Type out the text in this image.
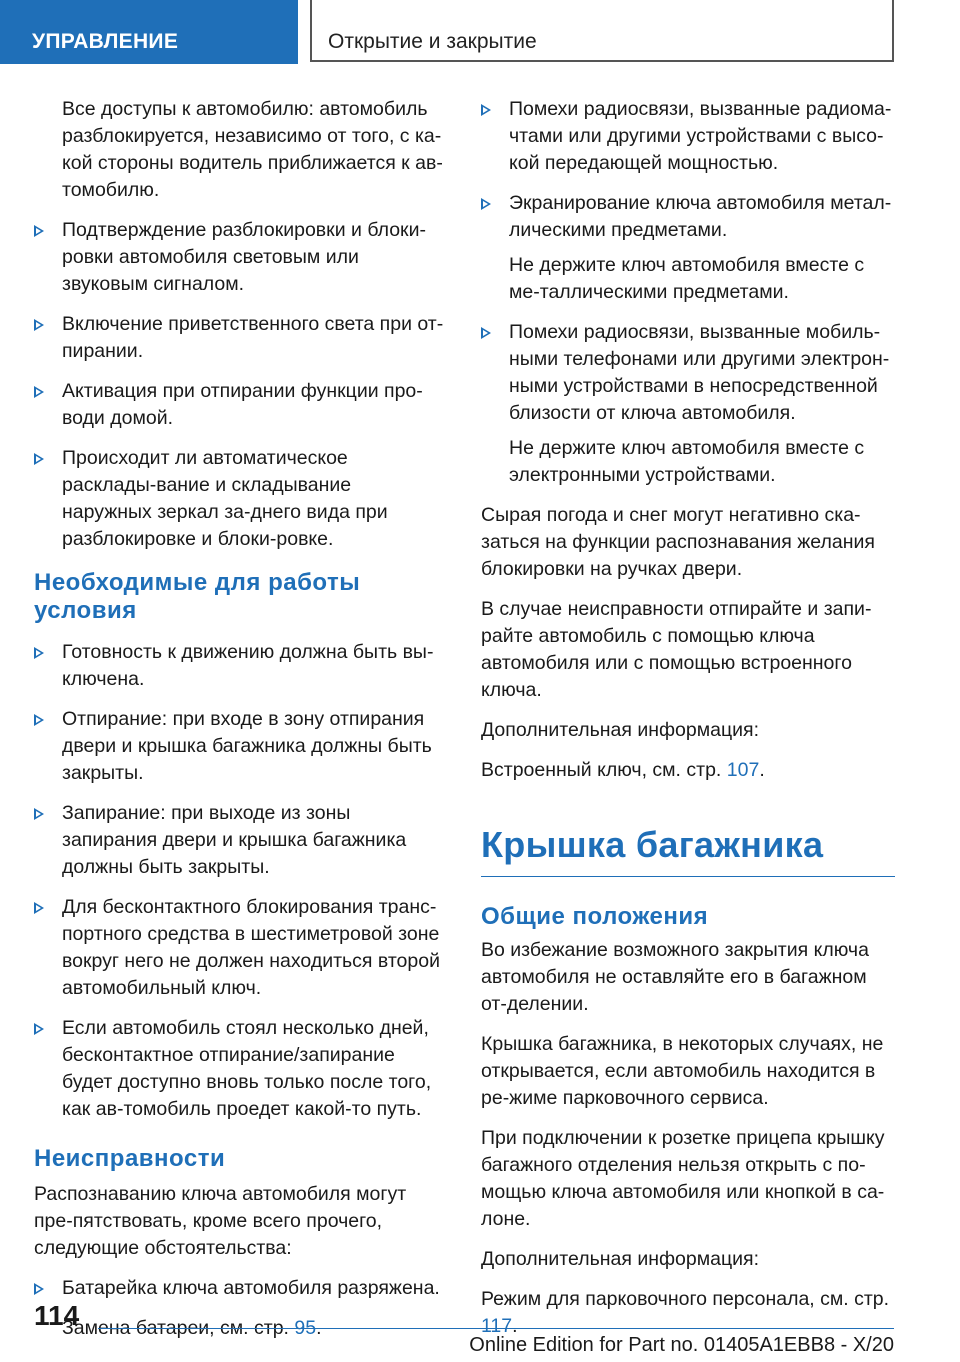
УПРАВЛЕНИЕ	Открытие и закрытие

Все доступы к автомобилю: автомобиль разблокируется, независимо от того, с ка-кой стороны водитель приближается к ав-томобилю.

Подтверждение разблокировки и блоки-ровки автомобиля световым или звуковым сигналом.

Включение приветственного света при от-пирании.

Активация при отпирании функции про-води домой.

Происходит ли автоматическое расклады-вание и складывание наружных зеркал за-днего вида при разблокировке и блоки-ровке.

Необходимые для работы условия

Готовность к движению должна быть вы-ключена.

Отпирание: при входе в зону отпирания двери и крышка багажника должны быть закрыты.

Запирание: при выходе из зоны запирания двери и крышка багажника должны быть закрыты.

Для бесконтактного блокирования транс-портного средства в шестиметровой зоне вокруг него не должен находиться второй автомобильный ключ.

Если автомобиль стоял несколько дней, бесконтактное отпирание/запирание будет доступно вновь только после того, как ав-томобиль проедет какой-то путь.

Неисправности

Распознаванию ключа автомобиля могут пре-пятствовать, кроме всего прочего, следующие обстоятельства:

Батарейка ключа автомобиля разряжена.

Замена батареи, см. стр. 95.

Помехи радиосвязи, вызванные радиома-чтами или другими устройствами с высо-кой передающей мощностью.

Экранирование ключа автомобиля метал-лическими предметами.

Не держите ключ автомобиля вместе с ме-таллическими предметами.

Помехи радиосвязи, вызванные мобиль-ными телефонами или другими электрон-ными устройствами в непосредственной близости от ключа автомобиля.

Не держите ключ автомобиля вместе с электронными устройствами.

Сырая погода и снег могут негативно ска-заться на функции распознавания желания блокировки на ручках двери.

В случае неисправности отпирайте и запи-райте автомобиль с помощью ключа автомобиля или с помощью встроенного ключа.

Дополнительная информация:

Встроенный ключ, см. стр. 107.

Крышка багажника
Общие положения

Во избежание возможного закрытия ключа автомобиля не оставляйте его в багажном от-делении.

Крышка багажника, в некоторых случаях, не открывается, если автомобиль находится в ре-жиме парковочного сервиса.

При подключении к розетке прицепа крышку багажного отделения нельзя открыть с по-мощью ключа автомобиля или кнопкой в са-лоне.

Дополнительная информация:

Режим для парковочного персонала, см. стр. 117.

114
Online Edition for Part no. 01405A1EBB8 - X/20
